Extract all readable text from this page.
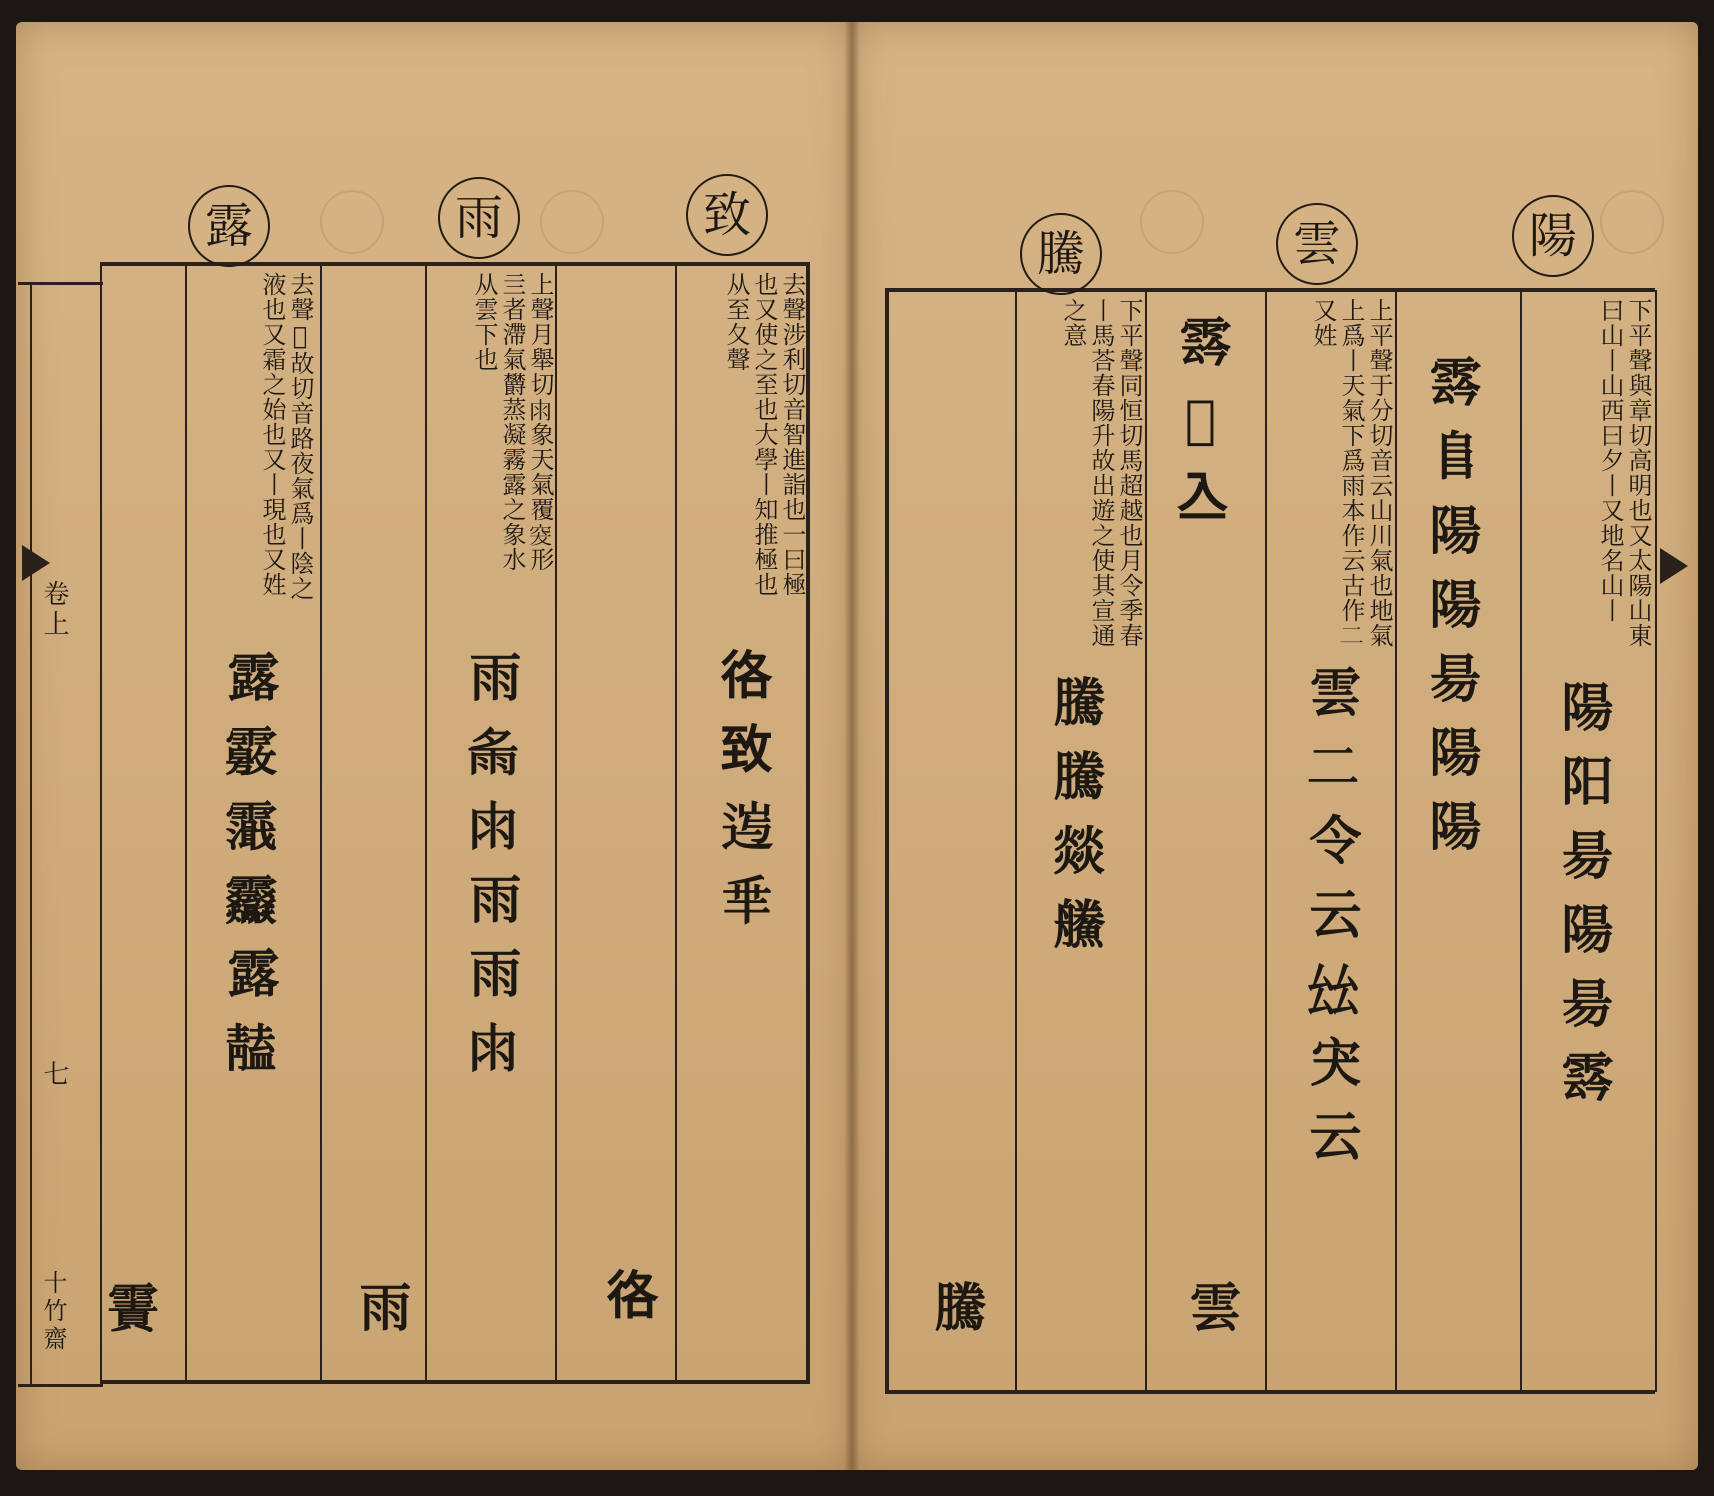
卷上
七
十竹齋
致
雨
露
去聲涉利切音智進詣也一曰極也又使之至也大學丨知推極也从至夂聲
上聲月舉切𠕒象天氣覆𥥛形亖者滯氣欝蒸凝霧露之象水从雲下也
去聲𣜩故切音路夜氣爲丨陰之液也又霜之始也又丨現也又姓
𢓜𦤶𨓂𠂯
𢓜
雨𩁼𠕒雨雨𠕒
雨
露𩅢𩆭𩇒露𩇠
𩄾
陽
雲
騰
下平聲與章切高明也又太陽山東曰山丨山西曰夕丨又地名山丨
上平聲于分切音云山川氣也地氣上爲丨天氣下爲雨本作云古作𠄞又姓
下平聲同恒切馬超越也月令季春丨馬荅春陽升故出遊之使其宣通之意
陽阳昜陽昜𩃬
𩃬𨸏陽陽昜陽陽
雲𠄞令云𠫬宊云
雲
𩃬𠃚𠓛
騰騰燚䲍
騰
